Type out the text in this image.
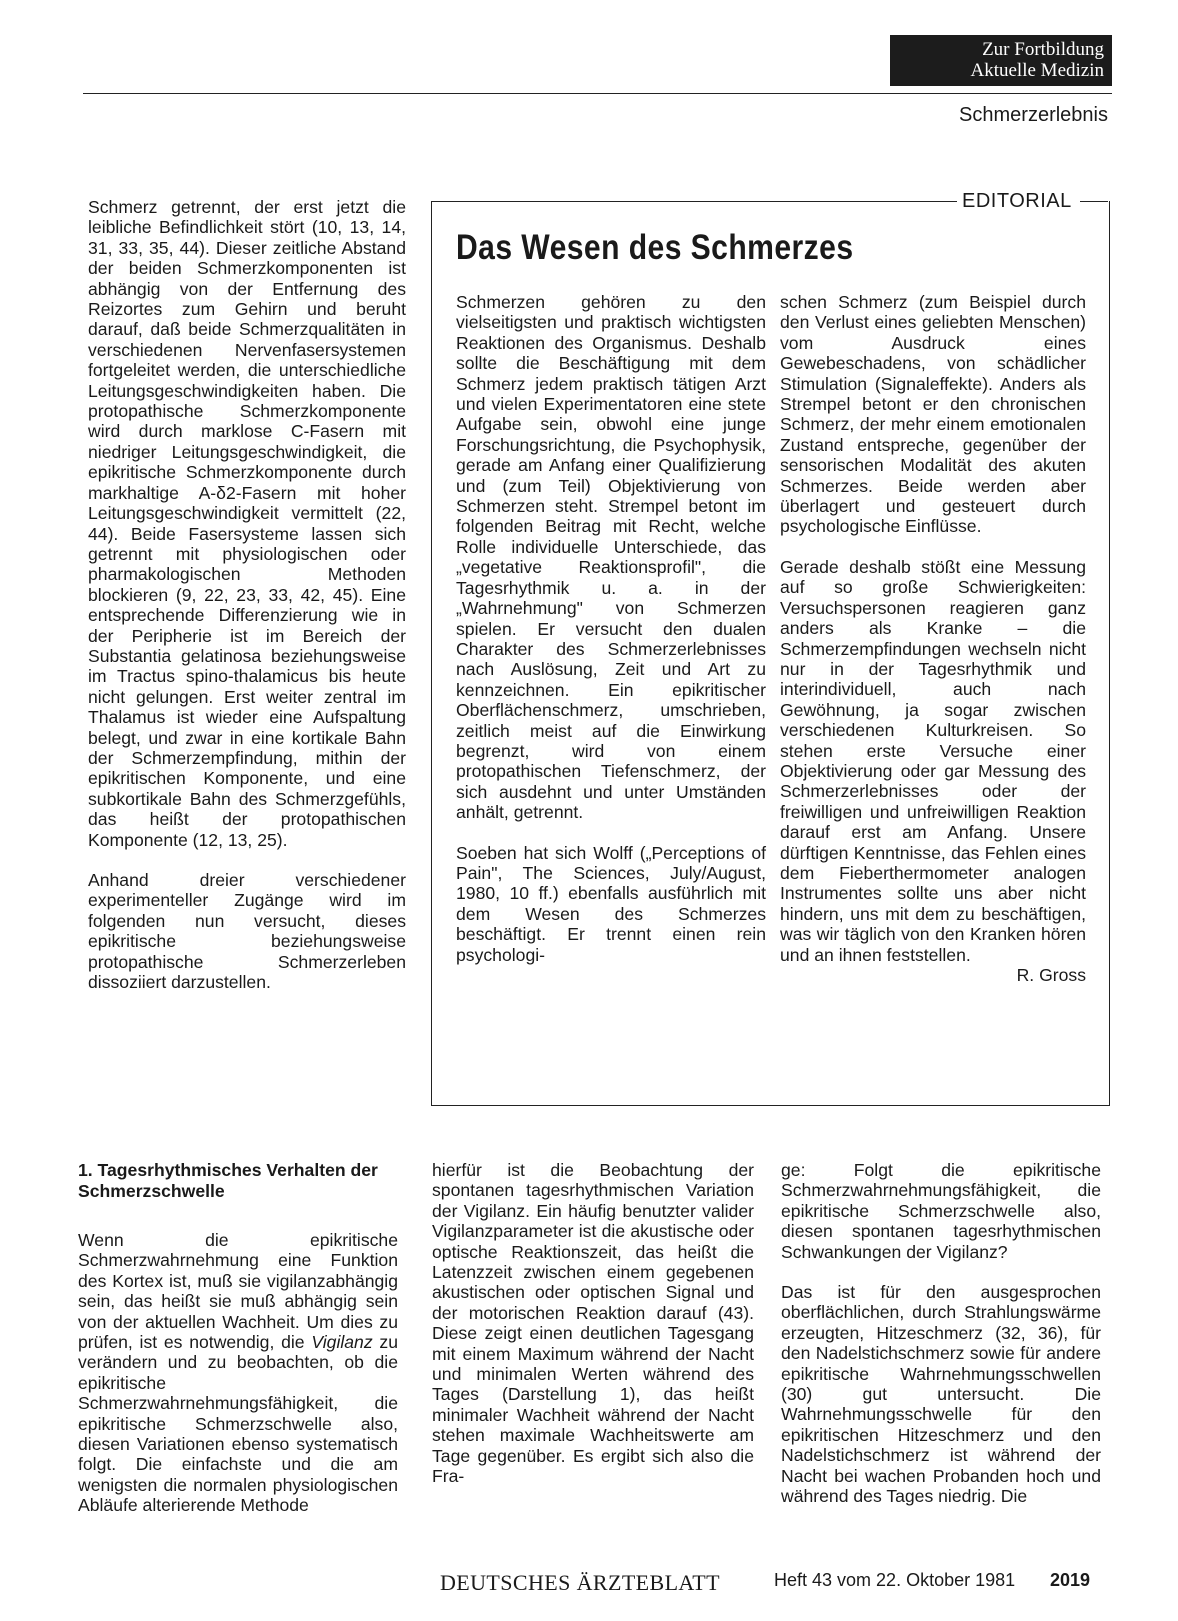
Zur Fortbildung
Aktuelle Medizin
Schmerzerlebnis

Schmerz getrennt, der erst jetzt die leibliche Befindlichkeit stört (10, 13, 14, 31, 33, 35, 44). Dieser zeitliche Abstand der beiden Schmerzkomponenten ist abhängig von der Entfernung des Reizortes zum Gehirn und beruht darauf, daß beide Schmerzqualitäten in verschiedenen Nervenfasersystemen fortgeleitet werden, die unterschiedliche Leitungsgeschwindigkeiten haben. Die protopathische Schmerzkomponente wird durch marklose C-Fasern mit niedriger Leitungsgeschwindigkeit, die epikritische Schmerzkomponente durch markhaltige A-δ2-Fasern mit hoher Leitungsgeschwindigkeit vermittelt (22, 44). Beide Fasersysteme lassen sich getrennt mit physiologischen oder pharmakologischen Methoden blockieren (9, 22, 23, 33, 42, 45). Eine entsprechende Differenzierung wie in der Peripherie ist im Bereich der Substantia gelatinosa beziehungsweise im Tractus spino-thalamicus bis heute nicht gelungen. Erst weiter zentral im Thalamus ist wieder eine Aufspaltung belegt, und zwar in eine kortikale Bahn der Schmerzempfindung, mithin der epikritischen Komponente, und eine subkortikale Bahn des Schmerzgefühls, das heißt der protopathischen Komponente (12, 13, 25).

Anhand dreier verschiedener experimenteller Zugänge wird im folgenden nun versucht, dieses epikritische beziehungsweise protopathische Schmerzerleben dissoziiert darzustellen.

EDITORIAL
Das Wesen des Schmerzes

Schmerzen gehören zu den vielseitigsten und praktisch wichtigsten Reaktionen des Organismus. Deshalb sollte die Beschäftigung mit dem Schmerz jedem praktisch tätigen Arzt und vielen Experimentatoren eine stete Aufgabe sein, obwohl eine junge Forschungsrichtung, die Psychophysik, gerade am Anfang einer Qualifizierung und (zum Teil) Objektivierung von Schmerzen steht. Strempel betont im folgenden Beitrag mit Recht, welche Rolle individuelle Unterschiede, das „vegetative Reaktionsprofil", die Tagesrhythmik u. a. in der „Wahrnehmung" von Schmerzen spielen. Er versucht den dualen Charakter des Schmerzerlebnisses nach Auslösung, Zeit und Art zu kennzeichnen. Ein epikritischer Oberflächenschmerz, umschrieben, zeitlich meist auf die Einwirkung begrenzt, wird von einem protopathischen Tiefenschmerz, der sich ausdehnt und unter Umständen anhält, getrennt.

Soeben hat sich Wolff („Perceptions of Pain", The Sciences, July/August, 1980, 10 ff.) ebenfalls ausführlich mit dem Wesen des Schmerzes beschäftigt. Er trennt einen rein psychologi-

schen Schmerz (zum Beispiel durch den Verlust eines geliebten Menschen) vom Ausdruck eines Gewebeschadens, von schädlicher Stimulation (Signaleffekte). Anders als Strempel betont er den chronischen Schmerz, der mehr einem emotionalen Zustand entspreche, gegenüber der sensorischen Modalität des akuten Schmerzes. Beide werden aber überlagert und gesteuert durch psychologische Einflüsse.

Gerade deshalb stößt eine Messung auf so große Schwierigkeiten: Versuchspersonen reagieren ganz anders als Kranke – die Schmerzempfindungen wechseln nicht nur in der Tagesrhythmik und interindividuell, auch nach Gewöhnung, ja sogar zwischen verschiedenen Kulturkreisen. So stehen erste Versuche einer Objektivierung oder gar Messung des Schmerzerlebnisses oder der freiwilligen und unfreiwilligen Reaktion darauf erst am Anfang. Unsere dürftigen Kenntnisse, das Fehlen eines dem Fieberthermometer analogen Instrumentes sollte uns aber nicht hindern, uns mit dem zu beschäftigen, was wir täglich von den Kranken hören und an ihnen feststellen.

R. Gross
1. Tagesrhythmisches Verhalten der Schmerzschwelle

Wenn die epikritische Schmerzwahrnehmung eine Funktion des Kortex ist, muß sie vigilanzabhängig sein, das heißt sie muß abhängig sein von der aktuellen Wachheit. Um dies zu prüfen, ist es notwendig, die Vigilanz zu verändern und zu beobachten, ob die epikritische Schmerzwahrnehmungsfähigkeit, die epikritische Schmerzschwelle also, diesen Variationen ebenso systematisch folgt. Die einfachste und die am wenigsten die normalen physiologischen Abläufe alterierende Methode

hierfür ist die Beobachtung der spontanen tagesrhythmischen Variation der Vigilanz. Ein häufig benutzter valider Vigilanzparameter ist die akustische oder optische Reaktionszeit, das heißt die Latenzzeit zwischen einem gegebenen akustischen oder optischen Signal und der motorischen Reaktion darauf (43). Diese zeigt einen deutlichen Tagesgang mit einem Maximum während der Nacht und minimalen Werten während des Tages (Darstellung 1), das heißt minimaler Wachheit während der Nacht stehen maximale Wachheitswerte am Tage gegenüber. Es ergibt sich also die Fra-

ge: Folgt die epikritische Schmerzwahrnehmungsfähigkeit, die epikritische Schmerzschwelle also, diesen spontanen tagesrhythmischen Schwankungen der Vigilanz?

Das ist für den ausgesprochen oberflächlichen, durch Strahlungswärme erzeugten, Hitzeschmerz (32, 36), für den Nadelstichschmerz sowie für andere epikritische Wahrnehmungsschwellen (30) gut untersucht. Die Wahrnehmungsschwelle für den epikritischen Hitzeschmerz und den Nadelstichschmerz ist während der Nacht bei wachen Probanden hoch und während des Tages niedrig. Die

DEUTSCHES ÄRZTEBLATT	Heft 43 vom 22. Oktober 1981 2019
